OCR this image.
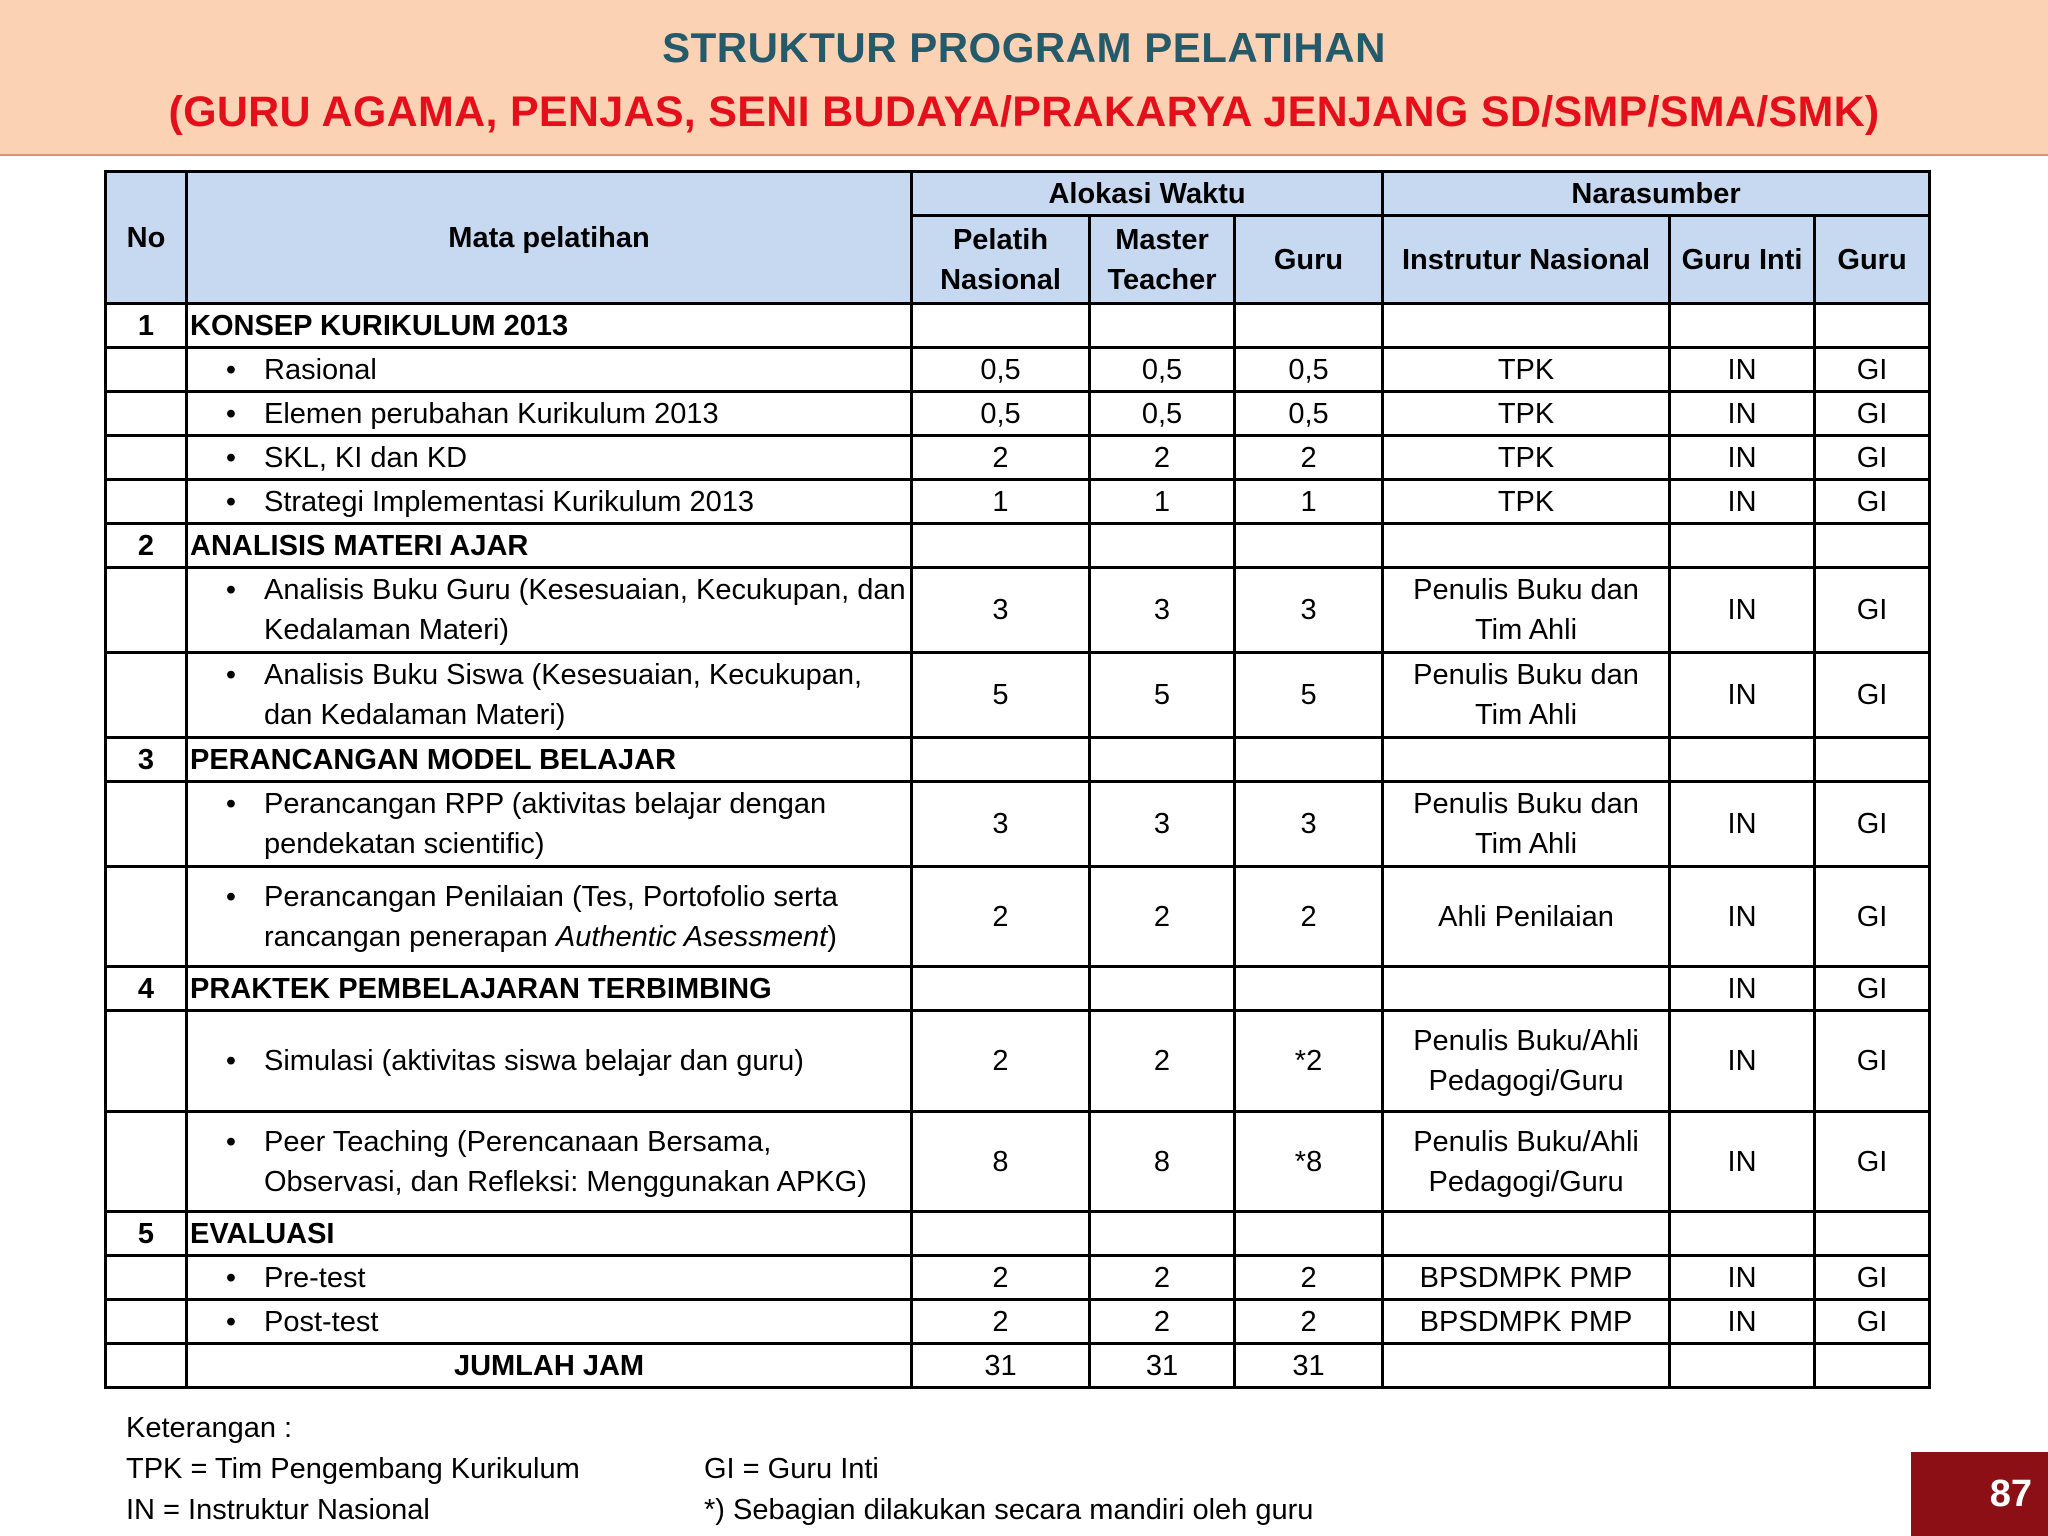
STRUKTUR PROGRAM PELATIHAN
(GURU AGAMA, PENJAS, SENI BUDAYA/PRAKARYA JENJANG SD/SMP/SMA/SMK)
No	Mata pelatihan	Alokasi Waktu			Narasumber		
		Pelatih Nasional	Master Teacher	Guru	Instrutur Nasional	Guru Inti	Guru
1	KONSEP KURIKULUM 2013						

	• Rasional	0,5	0,5	0,5	TPK	IN	GI

	• Elemen perubahan Kurikulum 2013	0,5	0,5	0,5	TPK	IN	GI

	• SKL, KI dan KD	2	2	2	TPK	IN	GI

	• Strategi Implementasi Kurikulum 2013	1	1	1	TPK	IN	GI
2	ANALISIS MATERI AJAR						

	• Analisis Buku Guru (Kesesuaian, Kecukupan, dan Kedalaman Materi)	3	3	3	Penulis Buku dan Tim Ahli	IN	GI

	• Analisis Buku Siswa (Kesesuaian, Kecukupan, dan Kedalaman Materi)	5	5	5	Penulis Buku dan Tim Ahli	IN	GI
3	PERANCANGAN MODEL BELAJAR						

	• Perancangan RPP (aktivitas belajar dengan pendekatan scientific)	3	3	3	Penulis Buku dan Tim Ahli	IN	GI

	• Perancangan Penilaian (Tes, Portofolio serta rancangan penerapan Authentic Asessment)	2	2	2	Ahli Penilaian	IN	GI
4	PRAKTEK PEMBELAJARAN TERBIMBING					IN	GI

	• Simulasi (aktivitas siswa belajar dan guru)	2	2	*2	Penulis Buku/Ahli Pedagogi/Guru	IN	GI

	• Peer Teaching (Perencanaan Bersama, Observasi, dan Refleksi: Menggunakan APKG)	8	8	*8	Penulis Buku/Ahli Pedagogi/Guru	IN	GI
5	EVALUASI						

	• Pre-test	2	2	2	BPSDMPK PMP	IN	GI

	• Post-test	2	2	2	BPSDMPK PMP	IN	GI
	JUMLAH JAM	31	31	31			
Keterangan :
TPK = Tim Pengembang Kurikulum	GI = Guru Inti
IN = Instruktur Nasional	*) Sebagian dilakukan secara mandiri oleh guru	87
